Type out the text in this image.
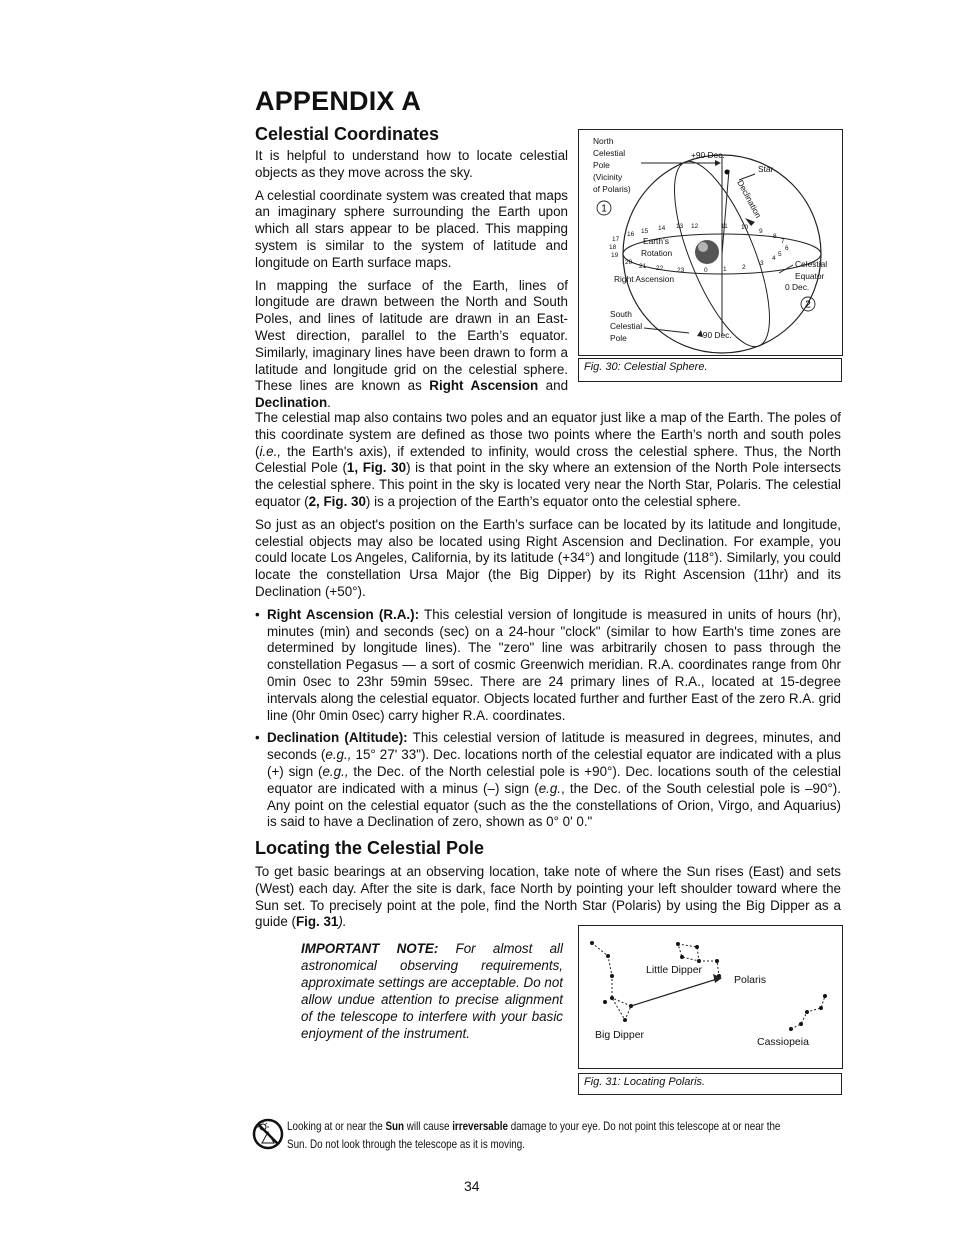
APPENDIX A
Celestial Coordinates

It is helpful to understand how to locate celestial objects as they move across the sky.

A celestial coordinate system was created that maps an imaginary sphere surrounding the Earth upon which all stars appear to be placed. This mapping system is similar to the system of latitude and longitude on Earth surface maps.

In mapping the surface of the Earth, lines of longitude are drawn between the North and South Poles, and lines of latitude are drawn in an East-West direction, parallel to the Earth’s equator. Similarly, imaginary lines have been drawn to form a latitude and longitude grid on the celestial sphere. These lines are known as Right Ascension and Declination.

1
2
North
Celestial
Pole
(Vicinity
of Polaris)
+90 Dec.
Star
Declination
Earth’s
Rotation
Right Ascension
Celestial
Equator
0 Dec.
South
Celestial
Pole	-90 Dec.
17
16 15 14 13 12	11 10
9
8
7
6
18
19
20
21 22 23	0 1 2
3
4
5
Fig. 30: Celestial Sphere.

The celestial map also contains two poles and an equator just like a map of the Earth. The poles of this coordinate system are defined as those two points where the Earth’s north and south poles (i.e., the Earth's axis), if extended to infinity, would cross the celestial sphere. Thus, the North Celestial Pole (1, Fig. 30) is that point in the sky where an extension of the North Pole intersects the celestial sphere. This point in the sky is located very near the North Star, Polaris. The celestial equator (2, Fig. 30) is a projection of the Earth’s equator onto the celestial sphere.

So just as an object's position on the Earth’s surface can be located by its latitude and longitude, celestial objects may also be located using Right Ascension and Declination. For example, you could locate Los Angeles, California, by its latitude (+34°) and longitude (118°). Similarly, you could locate the constellation Ursa Major (the Big Dipper) by its Right Ascension (11hr) and its Declination (+50°).

• Right Ascension (R.A.): This celestial version of longitude is measured in units of hours (hr), minutes (min) and seconds (sec) on a 24-hour "clock" (similar to how Earth's time zones are determined by longitude lines). The "zero" line was arbitrarily chosen to pass through the constellation Pegasus — a sort of cosmic Greenwich meridian. R.A. coordinates range from 0hr 0min 0sec to 23hr 59min 59sec. There are 24 primary lines of R.A., located at 15-degree intervals along the celestial equator. Objects located further and further East of the zero R.A. grid line (0hr 0min 0sec) carry higher R.A. coordinates.
• Declination (Altitude): This celestial version of latitude is measured in degrees, minutes, and seconds (e.g., 15° 27' 33"). Dec. locations north of the celestial equator are indicated with a plus (+) sign (e.g., the Dec. of the North celestial pole is +90°). Dec. locations south of the celestial equator are indicated with a minus (–) sign (e.g., the Dec. of the South celestial pole is –90°). Any point on the celestial equator (such as the the constellations of Orion, Virgo, and Aquarius) is said to have a Declination of zero, shown as 0° 0' 0."
Locating the Celestial Pole

To get basic bearings at an observing location, take note of where the Sun rises (East) and sets (West) each day. After the site is dark, face North by pointing your left shoulder toward where the Sun set. To precisely point at the pole, find the North Star (Polaris) by using the Big Dipper as a guide (Fig. 31).

IMPORTANT NOTE: For almost all astronomical observing requirements, approximate settings are acceptable. Do not allow undue attention to precise alignment of the telescope to interfere with your basic enjoyment of the instrument.
Little Dipper
Polaris
Big Dipper
Cassiopeia
Fig. 31: Locating Polaris.
Looking at or near the Sun will cause irreversable damage to your eye. Do not point this telescope at or near the
Sun. Do not look through the telescope as it is moving.
34
